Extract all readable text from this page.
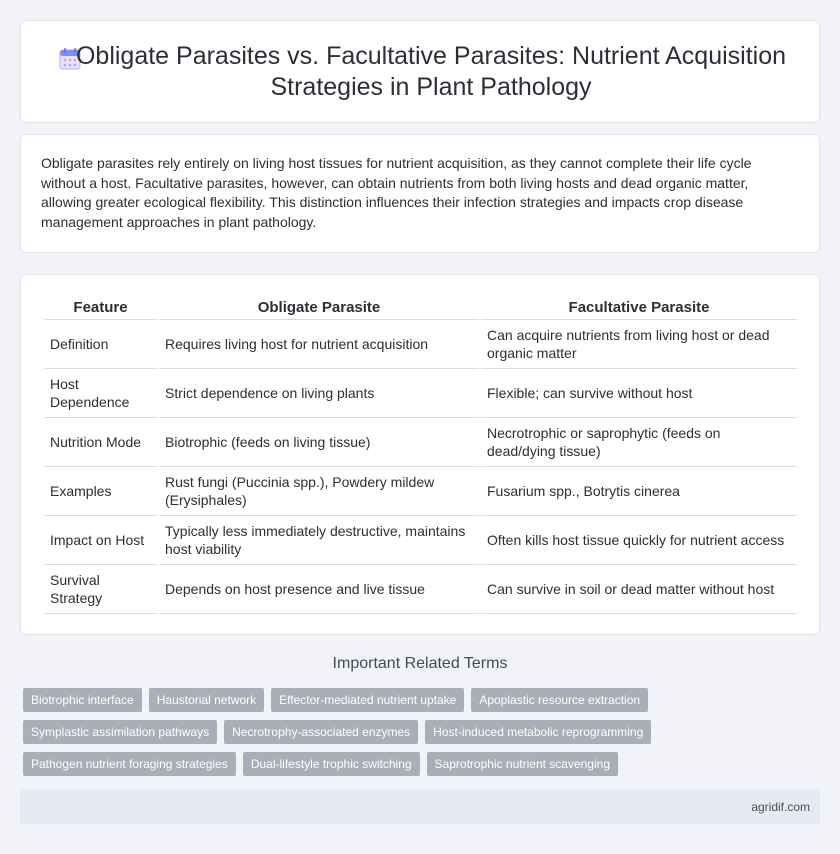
Obligate Parasites vs. Facultative Parasites: Nutrient Acquisition Strategies in Plant Pathology

Obligate parasites rely entirely on living host tissues for nutrient acquisition, as they cannot complete their life cycle without a host. Facultative parasites, however, can obtain nutrients from both living hosts and dead organic matter, allowing greater ecological flexibility. This distinction influences their infection strategies and impacts crop disease management approaches in plant pathology.

Feature	Obligate Parasite	Facultative Parasite
Definition	Requires living host for nutrient acquisition	Can acquire nutrients from living host or dead organic matter
Host Dependence	Strict dependence on living plants	Flexible; can survive without host
Nutrition Mode	Biotrophic (feeds on living tissue)	Necrotrophic or saprophytic (feeds on dead/dying tissue)
Examples	Rust fungi (Puccinia spp.), Powdery mildew (Erysiphales)	Fusarium spp., Botrytis cinerea
Impact on Host	Typically less immediately destructive, maintains host viability	Often kills host tissue quickly for nutrient access
Survival Strategy	Depends on host presence and live tissue	Can survive in soil or dead matter without host
Important Related Terms
Biotrophic interface	Haustorial network	Effector-mediated nutrient uptake	Apoplastic resource extraction
Symplastic assimilation pathways	Necrotrophy-associated enzymes	Host-induced metabolic reprogramming
Pathogen nutrient foraging strategies	Dual-lifestyle trophic switching	Saprotrophic nutrient scavenging
agridif.com
